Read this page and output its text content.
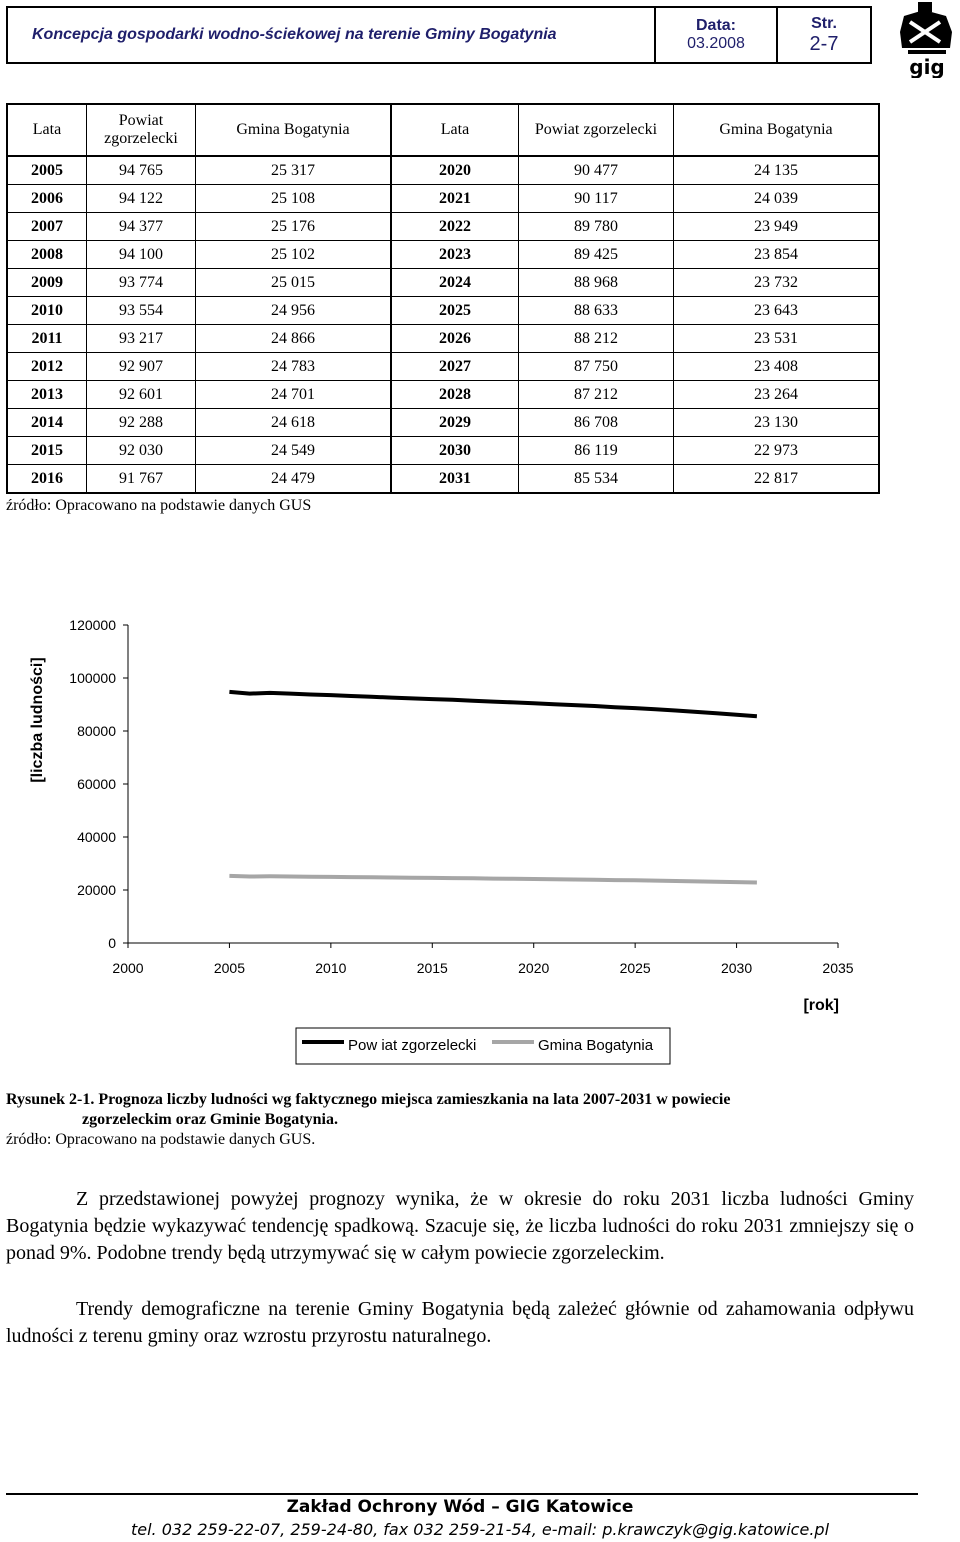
Koncepcja gospodarki wodno-ściekowej na terenie Gminy Bogatynia
Data:
03.2008
Str.
2-7
gig
Lata	Powiat zgorzelecki	Gmina Bogatynia	Lata	Powiat zgorzelecki	Gmina Bogatynia
2005	94 765	25 317	2020	90 477	24 135
2006	94 122	25 108	2021	90 117	24 039
2007	94 377	25 176	2022	89 780	23 949
2008	94 100	25 102	2023	89 425	23 854
2009	93 774	25 015	2024	88 968	23 732
2010	93 554	24 956	2025	88 633	23 643
2011	93 217	24 866	2026	88 212	23 531
2012	92 907	24 783	2027	87 750	23 408
2013	92 601	24 701	2028	87 212	23 264
2014	92 288	24 618	2029	86 708	23 130
2015	92 030	24 549	2030	86 119	22 973
2016	91 767	24 479	2031	85 534	22 817
źródło: Opracowano na podstawie danych GUS
[liczba ludności]
[rok]
0
20000
40000
60000
80000
100000
120000
2000	2005	2010	2015	2020	2025	2030	2035
Pow iat zgorzelecki	Gmina Bogatynia
Rysunek 2-1. Prognoza liczby ludności wg faktycznego miejsca zamieszkania na lata 2007-2031 w powiecie
zgorzeleckim oraz Gminie Bogatynia.
źródło: Opracowano na podstawie danych GUS.
Z przedstawionej powyżej prognozy wynika, że w okresie do roku 2031 liczba ludności Gminy Bogatynia będzie wykazywać tendencję spadkową. Szacuje się, że liczba ludności do roku 2031 zmniejszy się o ponad 9%. Podobne trendy będą utrzymywać się w całym powiecie zgorzeleckim.
Trendy demograficzne na terenie Gminy Bogatynia będą zależeć głównie od zahamowania odpływu ludności z terenu gminy oraz wzrostu przyrostu naturalnego.
Zakład Ochrony Wód – GIG Katowice
tel. 032 259-22-07, 259-24-80, fax 032 259-21-54, e-mail: p.krawczyk@gig.katowice.pl
